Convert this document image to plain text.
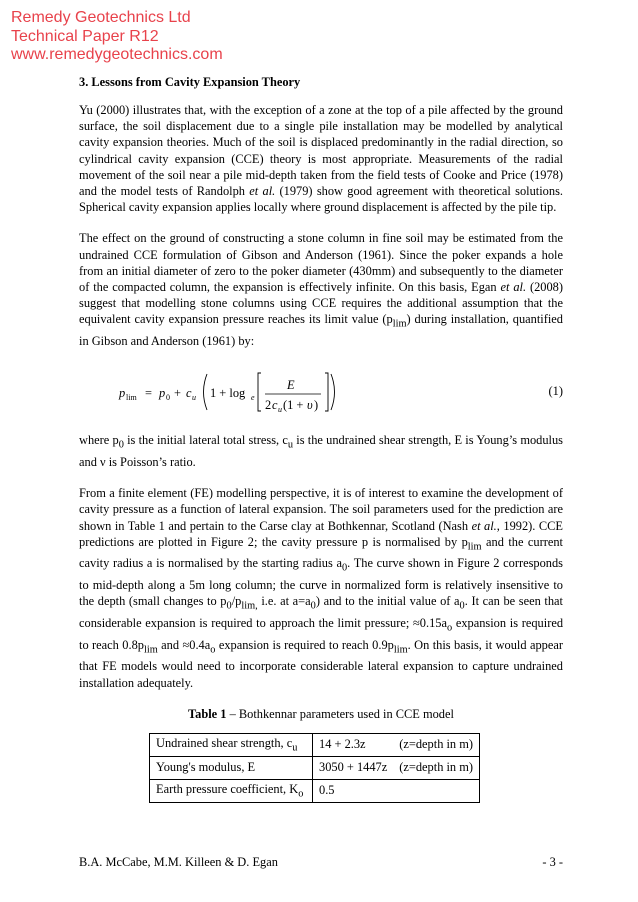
Remedy Geotechnics Ltd
Technical Paper R12
www.remedygeotechnics.com
3. Lessons from Cavity Expansion Theory

Yu (2000) illustrates that, with the exception of a zone at the top of a pile affected by the ground surface, the soil displacement due to a single pile installation may be modelled by analytical cavity expansion theories. Much of the soil is displaced predominantly in the radial direction, so cylindrical cavity expansion (CCE) theory is most appropriate. Measurements of the radial movement of the soil near a pile mid-depth taken from the field tests of Cooke and Price (1978) and the model tests of Randolph et al. (1979) show good agreement with theoretical solutions. Spherical cavity expansion applies locally where ground displacement is affected by the pile tip.

The effect on the ground of constructing a stone column in fine soil may be estimated from the undrained CCE formulation of Gibson and Anderson (1961). Since the poker expands a hole from an initial diameter of zero to the poker diameter (430mm) and subsequently to the diameter of the compacted column, the expansion is effectively infinite. On this basis, Egan et al. (2008) suggest that modelling stone columns using CCE requires the additional assumption that the equivalent cavity expansion pressure reaches its limit value $(p_{lim})$ during installation, quantified in Gibson and Anderson (1961) by:

p lim = p 0 + c u 1 + log e
E
2 c u (1 + υ )
(1)

where $p_0$ is the initial lateral total stress, $c_u$ is the undrained shear strength, E is Young’s modulus and ν is Poisson’s ratio.

From a finite element (FE) modelling perspective, it is of interest to examine the development of cavity pressure as a function of lateral expansion. The soil parameters used for the prediction are shown in Table 1 and pertain to the Carse clay at Bothkennar, Scotland (Nash et al., 1992). CCE predictions are plotted in Figure 2; the cavity pressure p is normalised by $p_{lim}$ and the current cavity radius a is normalised by the starting radius $a_0$. The curve shown in Figure 2 corresponds to mid-depth along a 5m long column; the curve in normalized form is relatively insensitive to the depth (small changes to $p_0/p_{lim,}$ i.e. at $a=a_0$) and to the initial value of $a_0$. It can be seen that considerable expansion is required to approach the limit pressure; $\approx 0.15a_o$ expansion is required to reach $0.8p_{lim}$ and $\approx 0.4a_o$ expansion is required to reach $0.9p_{lim}$. On this basis, it would appear that FE models would need to incorporate considerable lateral expansion to capture undrained installation adequately.

Table 1 – Bothkennar parameters used in CCE model
Undrained shear strength, $c_u$	14 + 2.3z (z=depth in m)

Young's modulus, E	3050 + 1447z (z=depth in m)

Earth pressure coefficient, $K_o$	0.5
B.A. McCabe, M.M. Killeen & D. Egan	- 3 -
